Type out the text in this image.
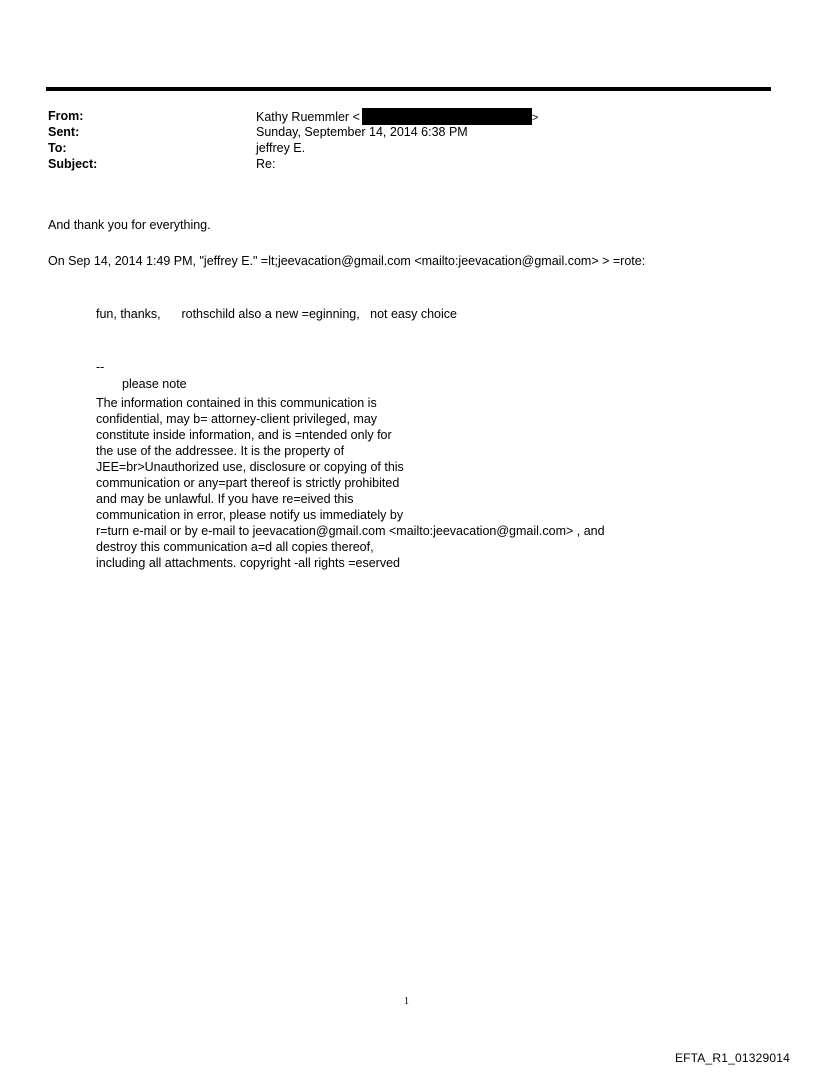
From:	Kathy Ruemmler <	>
Sent:	Sunday, September 14, 2014 6:38 PM
To:	jeffrey E.
Subject:	Re:
And thank you for everything.
On Sep 14, 2014 1:49 PM, "jeffrey E." =lt;jeevacation@gmail.com <mailto:jeevacation@gmail.com> > =rote:
fun, thanks,      rothschild also a new =eginning,   not easy choice
--
please note
The information contained in this communication is
confidential, may b= attorney-client privileged, may
constitute inside information, and is =ntended only for
the use of the addressee. It is the property of
JEE=br>Unauthorized use, disclosure or copying of this
communication or any=part thereof is strictly prohibited
and may be unlawful. If you have re=eived this
communication in error, please notify us immediately by
r=turn e-mail or by e-mail to jeevacation@gmail.com <mailto:jeevacation@gmail.com> , and
destroy this communication a=d all copies thereof,
including all attachments. copyright -all rights =eserved
1
EFTA_R1_01329014
